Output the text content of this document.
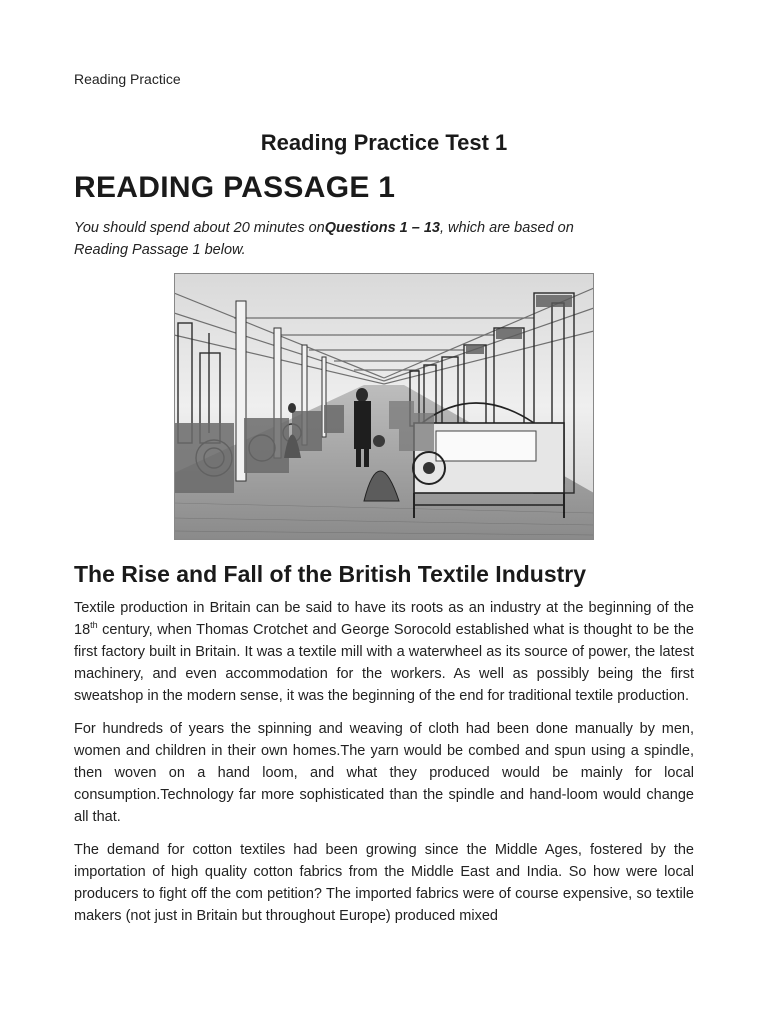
Reading Practice
Reading Practice Test 1
READING PASSAGE 1
You should spend about 20 minutes onQuestions 1 – 13, which are based on Reading Passage 1 below.
The Rise and Fall of the British Textile Industry

Textile production in Britain can be said to have its roots as an industry at the beginning of the 18th century, when Thomas Crotchet and George Sorocold established what is thought to be the first factory built in Britain. It was a textile mill with a waterwheel as its source of power, the latest machinery, and even accommodation for the workers. As well as possibly being the first sweatshop in the modern sense, it was the beginning of the end for traditional textile production.

For hundreds of years the spinning and weaving of cloth had been done manually by men, women and children in their own homes.The yarn would be combed and spun using a spindle, then woven on a hand loom, and what they produced would be mainly for local consumption.Technology far more sophisticated than the spindle and hand-loom would change all that.

The demand for cotton textiles had been growing since the Middle Ages, fostered by the importation of high quality cotton fabrics from the Middle East and India. So how were local producers to fight off the com petition? The imported fabrics were of course expensive, so textile makers (not just in Britain but throughout Europe) produced mixed
